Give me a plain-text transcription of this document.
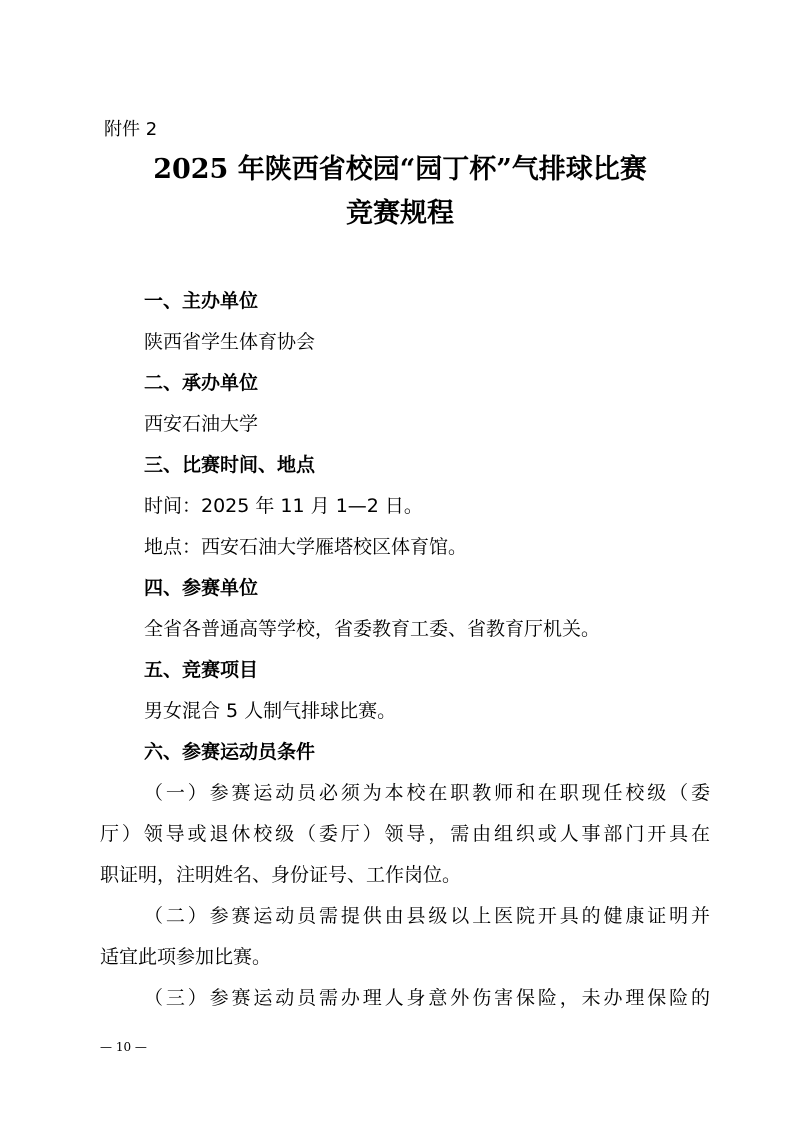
附件 2
2025 年陕西省校园“园丁杯”气排球比赛
竞赛规程
一、主办单位
陕西省学生体育协会
二、承办单位
西安石油大学
三、比赛时间、地点
时间：2025 年 11 月 1—2 日。
地点：西安石油大学雁塔校区体育馆。
四、参赛单位
全省各普通高等学校，省委教育工委、省教育厅机关。
五、竞赛项目
男女混合 5 人制气排球比赛。
六、参赛运动员条件
（一）参赛运动员必须为本校在职教师和在职现任校级（委
厅）领导或退休校级（委厅）领导，需由组织或人事部门开具在
职证明，注明姓名、身份证号、工作岗位。
（二）参赛运动员需提供由县级以上医院开具的健康证明并
适宜此项参加比赛。
（三）参赛运动员需办理人身意外伤害保险，未办理保险的
— 10 —
